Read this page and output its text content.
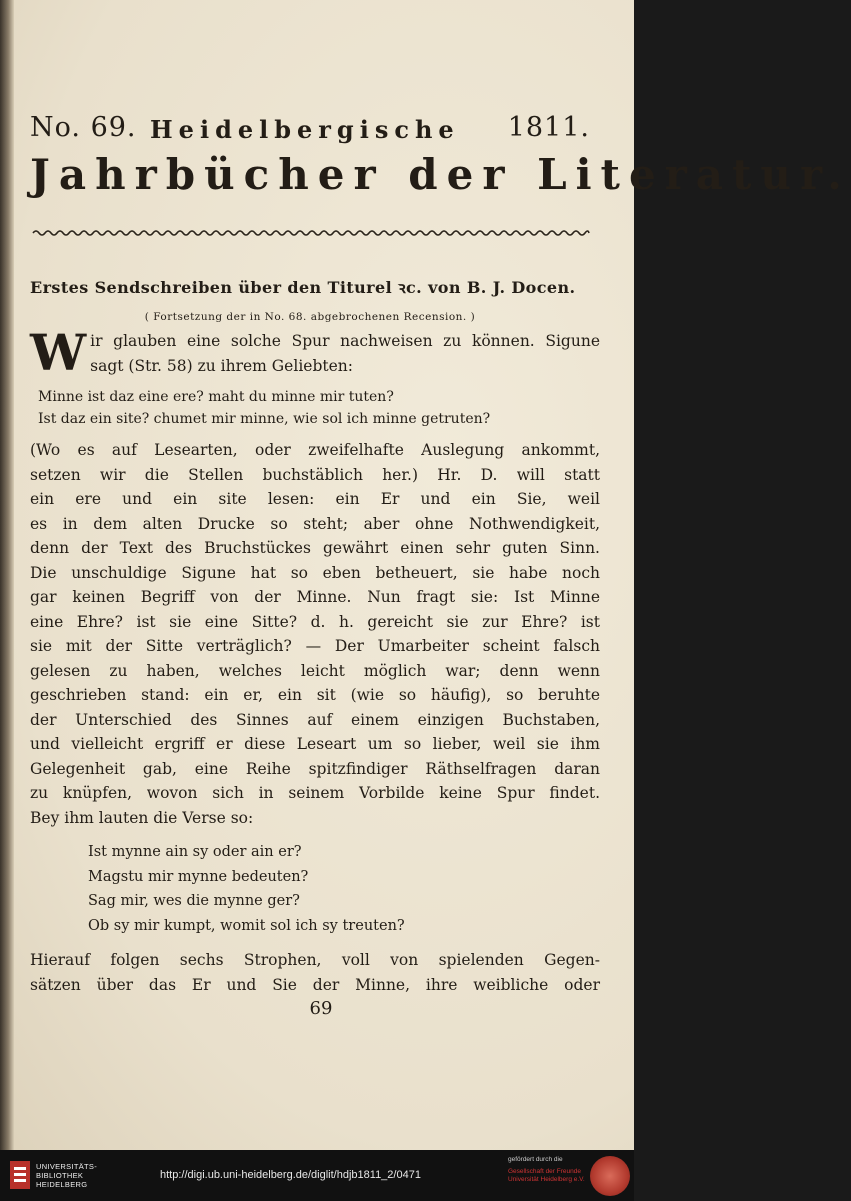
No. 69. Heidelbergische 1811.
Jahrbücher der Literatur.
Erstes Sendschreiben über den Titurel ꝛc. von B. J. Docen.
( Fortsetzung der in No. 68. abgebrochenen Recension. )
W ir glauben eine solche Spur nachweisen zu können. Sigune

sagt (Str. 58) zu ihrem Geliebten:

Minne ist daz eine ere? maht du minne mir tuten?

Ist daz ein site? chumet mir minne, wie sol ich minne getruten?

(Wo es auf Lesearten, oder zweifelhafte Auslegung ankommt,

setzen wir die Stellen buchstäblich her.) Hr. D. will statt

ein ere und ein site lesen: ein Er und ein Sie, weil

es in dem alten Drucke so steht; aber ohne Nothwendigkeit,

denn der Text des Bruchstückes gewährt einen sehr guten Sinn.

Die unschuldige Sigune hat so eben betheuert, sie habe noch

gar keinen Begriff von der Minne. Nun fragt sie: Ist Minne

eine Ehre? ist sie eine Sitte? d. h. gereicht sie zur Ehre? ist

sie mit der Sitte verträglich? — Der Umarbeiter scheint falsch

gelesen zu haben, welches leicht möglich war; denn wenn

geschrieben stand: ein er, ein sit (wie so häufig), so beruhte

der Unterschied des Sinnes auf einem einzigen Buchstaben,

und vielleicht ergriff er diese Leseart um so lieber, weil sie ihm

Gelegenheit gab, eine Reihe spitzfindiger Räthselfragen daran

zu knüpfen, wovon sich in seinem Vorbilde keine Spur findet.

Bey ihm lauten die Verse so:

Ist mynne ain sy oder ain er?

Magstu mir mynne bedeuten?

Sag mir, wes die mynne ger?

Ob sy mir kumpt, womit sol ich sy treuten?

Hierauf folgen sechs Strophen, voll von spielenden Gegen-

sätzen über das Er und Sie der Minne, ihre weibliche oder

69
UNIVERSITÄTS-
BIBLIOTHEK
HEIDELBERG
http://digi.ub.uni-heidelberg.de/diglit/hdjb1811_2/0471
gefördert durch die
Gesellschaft der Freunde
Universität Heidelberg e.V.
